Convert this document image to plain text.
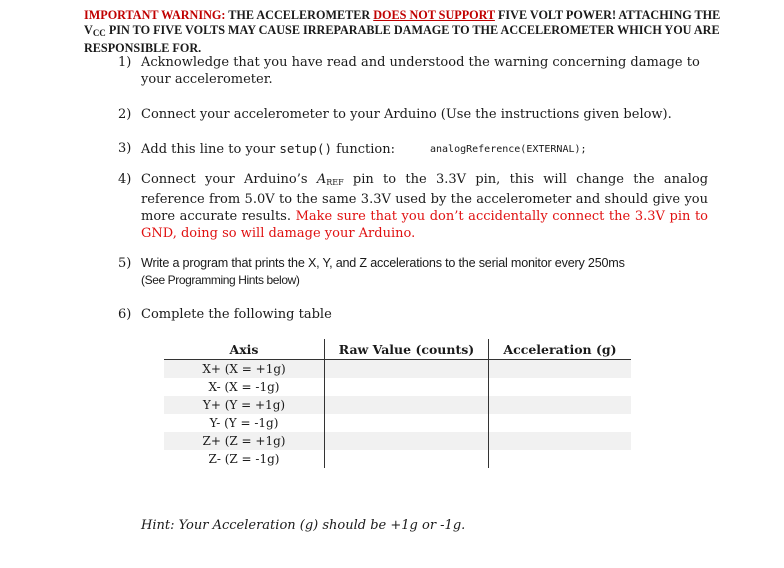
IMPORTANT WARNING: THE ACCELEROMETER DOES NOT SUPPORT FIVE VOLT POWER! ATTACHING THE $V_{CC}$ PIN TO FIVE VOLTS MAY CAUSE IRREPARABLE DAMAGE TO THE ACCELEROMETER WHICH YOU ARE RESPONSIBLE FOR.
1) Acknowledge that you have read and understood the warning concerning damage to your accelerometer.
2) Connect your accelerometer to your Arduino (Use the instructions given below).
3) Add this line to your setup() function:	analogReference(EXTERNAL);
4) Connect your Arduino’s $A_{REF}$ pin to the 3.3V pin, this will change the analog reference from 5.0V to the same 3.3V used by the accelerometer and should give you more accurate results. Make sure that you don’t accidentally connect the 3.3V pin to GND, doing so will damage your Arduino.
5) Write a program that prints the X, Y, and Z accelerations to the serial monitor every 250ms
(See Programming Hints below)
6) Complete the following table
Axis	Raw Value (counts)	Acceleration (g)
X+ (X = +1g)		
X- (X = -1g)		
Y+ (Y = +1g)		
Y- (Y = -1g)		
Z+ (Z = +1g)		
Z- (Z = -1g)		
Hint: Your Acceleration (g) should be +1g or -1g.
